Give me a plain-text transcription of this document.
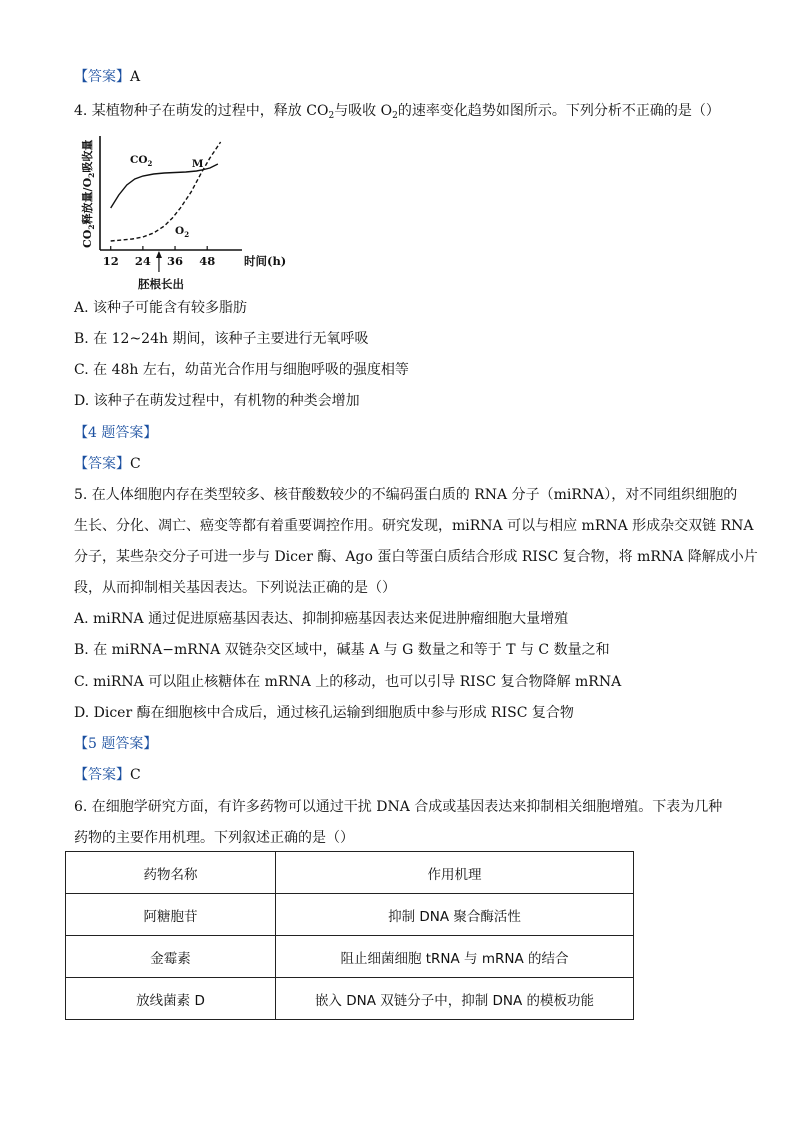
【答案】A
4. 某植物种子在萌发的过程中，释放 $CO_2$与吸收 $O_2$的速率变化趋势如图所示。下列分析不正确的是（）
12 24 36 48	时间(h)
$CO_2$释放量$/O_2$吸收量	$CO_2$
$O_2$
M
胚根长出
A. 该种子可能含有较多脂肪
B. 在 12~24h 期间，该种子主要进行无氧呼吸
C. 在 48h 左右，幼苗光合作用与细胞呼吸的强度相等
D. 该种子在萌发过程中，有机物的种类会增加
【4 题答案】
【答案】C
5. 在人体细胞内存在类型较多、核苷酸数较少的不编码蛋白质的 RNA 分子（miRNA），对不同组织细胞的
生长、分化、凋亡、癌变等都有着重要调控作用。研究发现，miRNA 可以与相应 mRNA 形成杂交双链 RNA
分子，某些杂交分子可进一步与 Dicer 酶、Ago 蛋白等蛋白质结合形成 RISC 复合物，将 mRNA 降解成小片
段，从而抑制相关基因表达。下列说法正确的是（）
A. miRNA 通过促进原癌基因表达、抑制抑癌基因表达来促进肿瘤细胞大量增殖
B. 在 miRNA−mRNA 双链杂交区域中，碱基 A 与 G 数量之和等于 T 与 C 数量之和
C. miRNA 可以阻止核糖体在 mRNA 上的移动，也可以引导 RISC 复合物降解 mRNA
D. Dicer 酶在细胞核中合成后，通过核孔运输到细胞质中参与形成 RISC 复合物
【5 题答案】
【答案】C
6. 在细胞学研究方面，有许多药物可以通过干扰 DNA 合成或基因表达来抑制相关细胞增殖。下表为几种
药物的主要作用机理。下列叙述正确的是（）
药物名称	作用机理
阿糖胞苷	抑制 DNA 聚合酶活性
金霉素	阻止细菌细胞 tRNA 与 mRNA 的结合
放线菌素 D	嵌入 DNA 双链分子中，抑制 DNA 的模板功能
